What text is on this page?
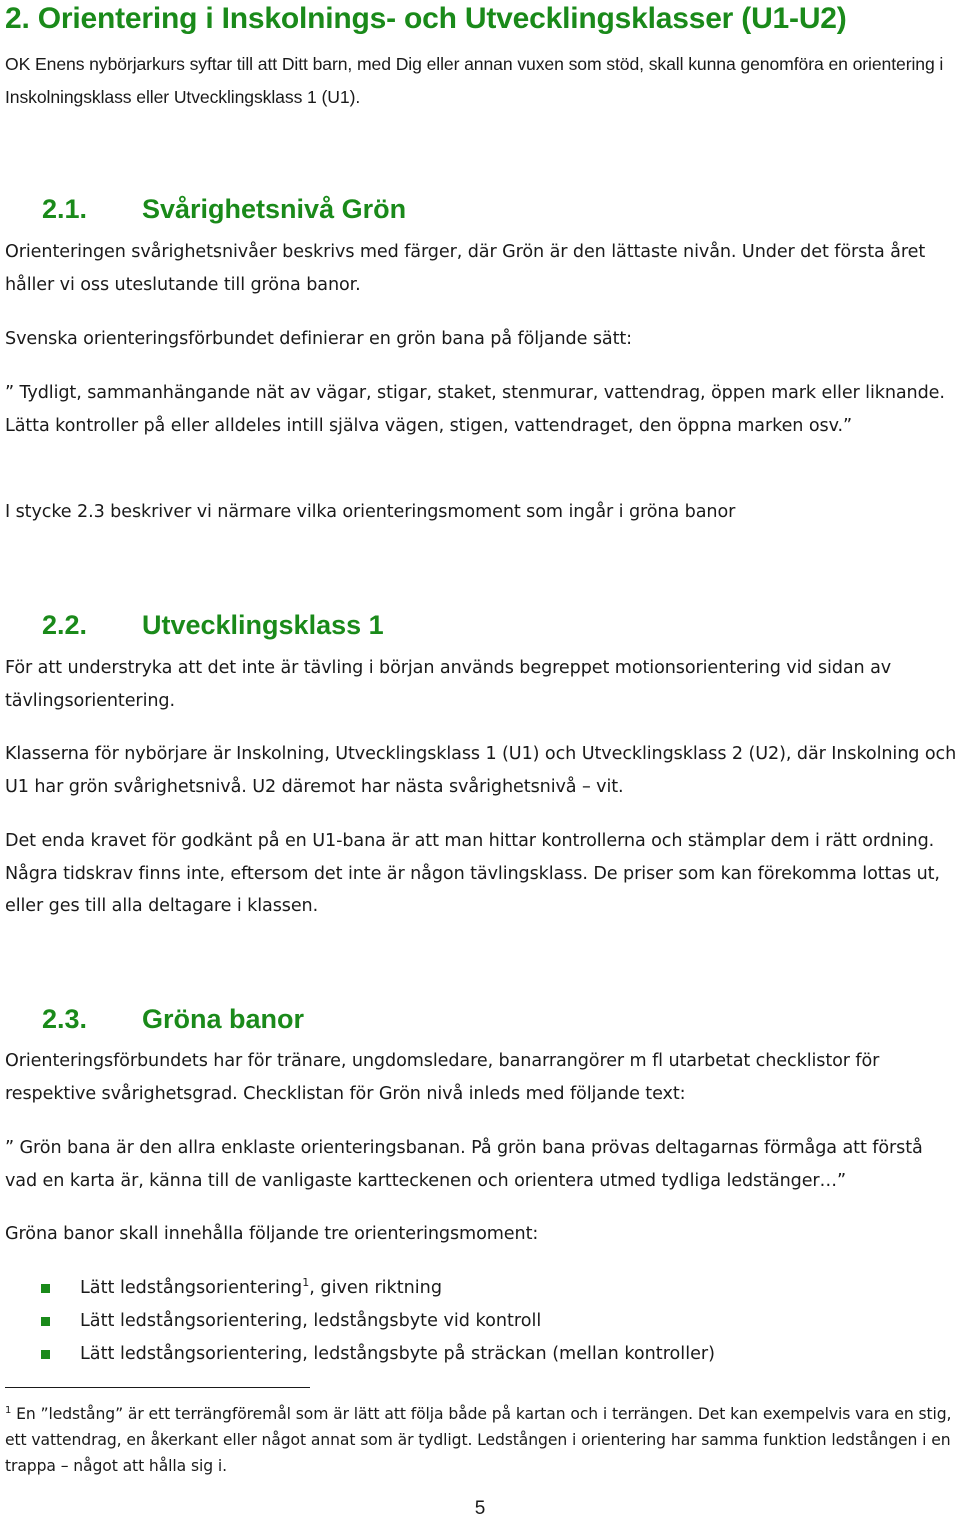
2. Orientering i Inskolnings- och Utvecklingsklasser (U1-U2)

OK Enens nybörjarkurs syftar till att Ditt barn, med Dig eller annan vuxen som stöd, skall kunna genomföra en orientering i Inskolningsklass eller Utvecklingsklass 1 (U1).

2.1. Svårighetsnivå Grön

Orienteringen svårighetsnivåer beskrivs med färger, där Grön är den lättaste nivån. Under det första året håller vi oss uteslutande till gröna banor.

Svenska orienteringsförbundet definierar en grön bana på följande sätt:

” Tydligt, sammanhängande nät av vägar, stigar, staket, stenmurar, vattendrag, öppen mark eller liknande. Lätta kontroller på eller alldeles intill själva vägen, stigen, vattendraget, den öppna marken osv.”

I stycke 2.3 beskriver vi närmare vilka orienteringsmoment som ingår i gröna banor

2.2. Utvecklingsklass 1

För att understryka att det inte är tävling i början används begreppet motionsorientering vid sidan av tävlingsorientering.

Klasserna för nybörjare är Inskolning, Utvecklingsklass 1 (U1) och Utvecklingsklass 2 (U2), där Inskolning och U1 har grön svårighetsnivå. U2 däremot har nästa svårighetsnivå – vit.

Det enda kravet för godkänt på en U1-bana är att man hittar kontrollerna och stämplar dem i rätt ordning. Några tidskrav finns inte, eftersom det inte är någon tävlingsklass. De priser som kan förekomma lottas ut, eller ges till alla deltagare i klassen.

2.3. Gröna banor

Orienteringsförbundets har för tränare, ungdomsledare, banarrangörer m fl utarbetat checklistor för respektive svårighetsgrad. Checklistan för Grön nivå inleds med följande text:

” Grön bana är den allra enklaste orienteringsbanan. På grön bana prövas deltagarnas förmåga att förstå vad en karta är, känna till de vanligaste kartteckenen och orientera utmed tydliga ledstänger…”

Gröna banor skall innehålla följande tre orienteringsmoment:

Lätt ledstångsorientering$^1$, given riktning
Lätt ledstångsorientering, ledstångsbyte vid kontroll
Lätt ledstångsorientering, ledstångsbyte på sträckan (mellan kontroller)

$^1$ En ”ledstång” är ett terrängföremål som är lätt att följa både på kartan och i terrängen. Det kan exempelvis vara en stig, ett vattendrag, en åkerkant eller något annat som är tydligt. Ledstången i orientering har samma funktion ledstången i en trappa – något att hålla sig i.

5
